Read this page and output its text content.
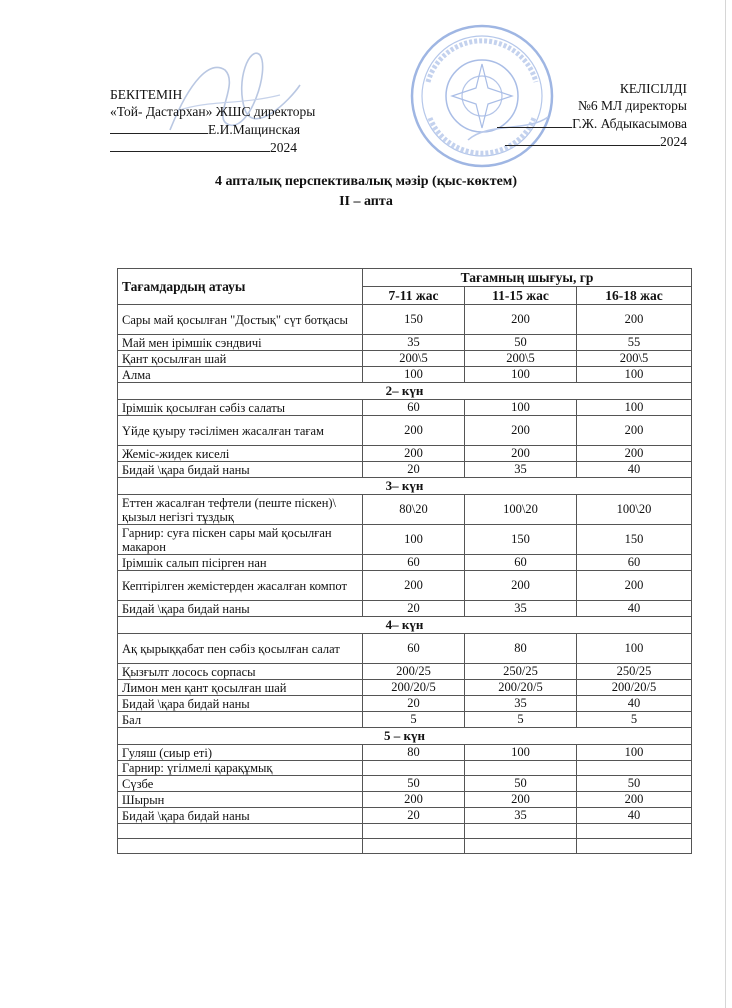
БЕКІТЕМІН
«Той- Дастархан» ЖШС директоры
Е.И.Мащинская
2024
КЕЛІСІЛДІ
№6 МЛ директоры
Г.Ж. Абдыкасымова
2024
4 апталық перспективалық мәзір (қыс-көктем)
II – апта
Тағамдардың атауы	Тағамның шығуы, гр		
	7-11 жас	11-15 жас	16-18 жас
Сары май қосылған "Достық" сүт ботқасы	150	200	200
Май мен ірімшік сэндвичі	35	50	55
Қант қосылған шай	200\5	200\5	200\5
Алма	100	100	100
2– күн			
Ірімшік қосылған сәбіз салаты	60	100	100
Үйде қуыру тәсілімен жасалған тағам	200	200	200
Жеміс-жидек киселі	200	200	200
Бидай \қара бидай наны	20	35	40
3– күн			
Еттен жасалған тефтели (пеште піскен)\ қызыл негізгі тұздық	80\20	100\20	100\20
Гарнир: суға піскен сары май қосылған макарон	100	150	150
Ірімшік салып пісірген нан	60	60	60
Кептірілген жемістерден жасалған компот	200	200	200
Бидай \қара бидай наны	20	35	40
4– күн			
Ақ қырыққабат пен сәбіз қосылған салат	60	80	100
Қызғылт лосось сорпасы	200/25	250/25	250/25
Лимон мен қант қосылған шай	200/20/5	200/20/5	200/20/5
Бидай \қара бидай наны	20	35	40
Бал	5	5	5
5 – күн			
Гуляш (сиыр еті)	80	100	100
Гарнир: үгілмелі қарақұмық			
Сүзбе	50	50	50
Шырын	200	200	200
Бидай \қара бидай наны	20	35	40
